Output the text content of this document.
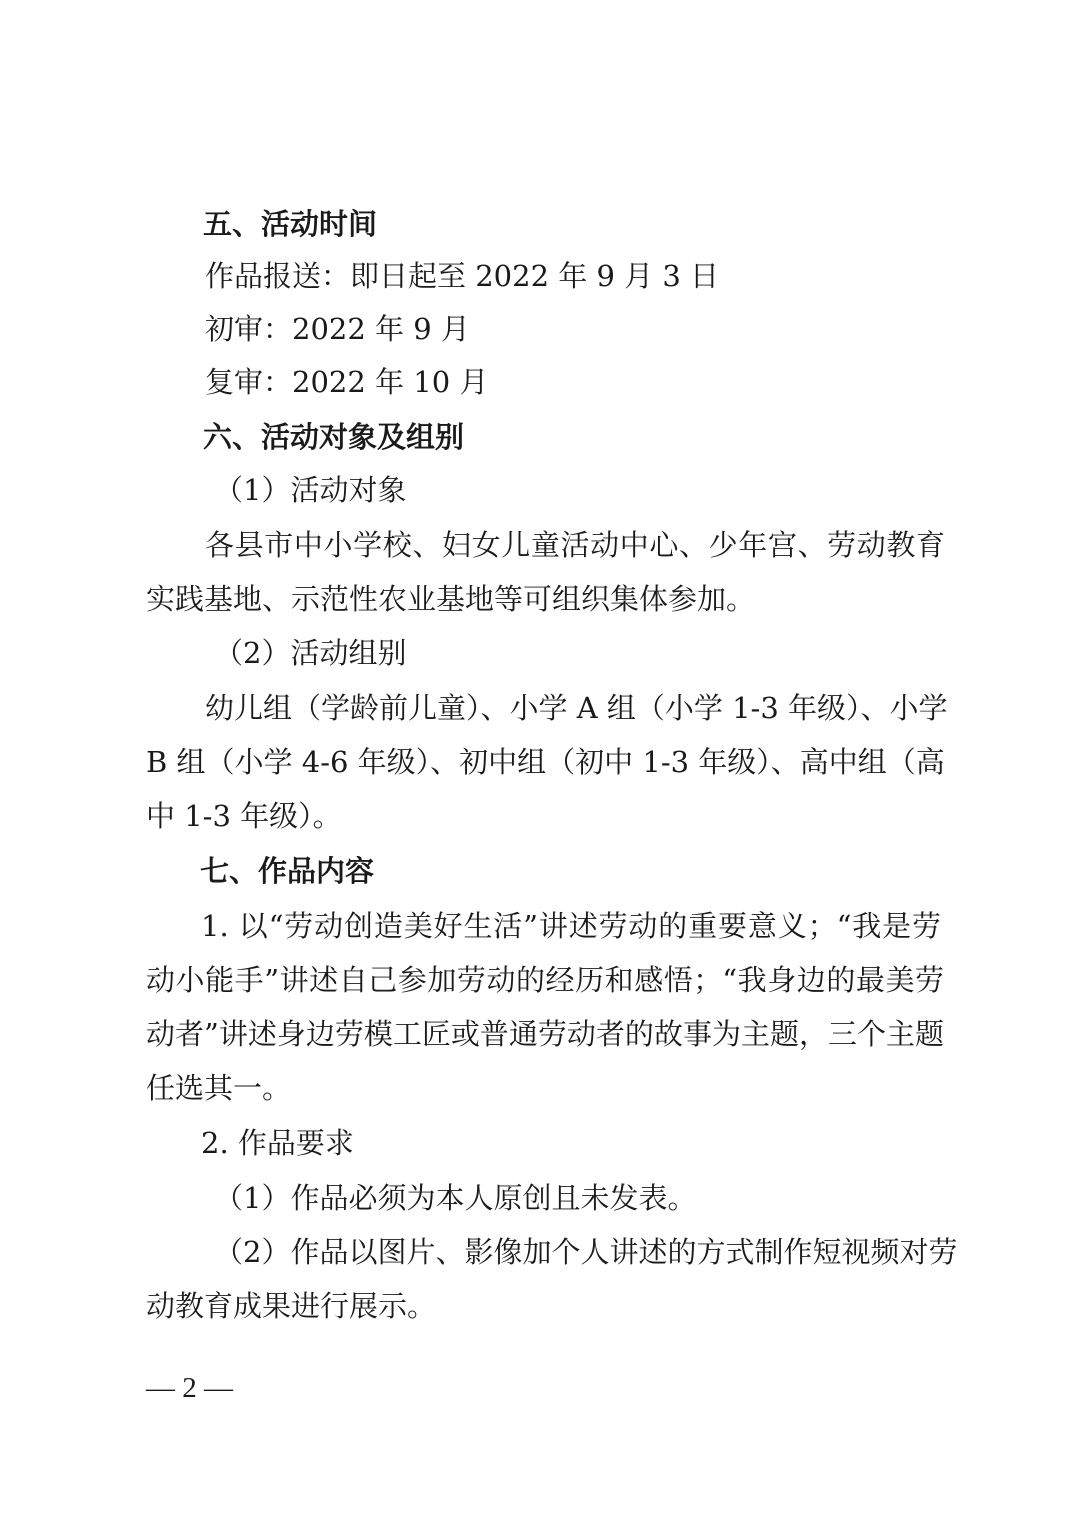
五、活动时间
作品报送：即日起至 2022 年 9 月 3 日
初审：2022 年 9 月
复审：2022 年 10 月
六、活动对象及组别
（1）活动对象
各县市中小学校、妇女儿童活动中心、少年宫、劳动教育
实践基地、示范性农业基地等可组织集体参加。
（2）活动组别
幼儿组（学龄前儿童）、小学 A 组（小学 1-3 年级）、小学
B 组（小学 4-6 年级）、初中组（初中 1-3 年级）、高中组（高
中 1-3 年级）。
七、作品内容
1. 以“劳动创造美好生活”讲述劳动的重要意义；“我是劳
动小能手”讲述自己参加劳动的经历和感悟；“我身边的最美劳
动者”讲述身边劳模工匠或普通劳动者的故事为主题，三个主题
任选其一。
2. 作品要求
（1）作品必须为本人原创且未发表。
（2）作品以图片、影像加个人讲述的方式制作短视频对劳
动教育成果进行展示。
— 2 —
